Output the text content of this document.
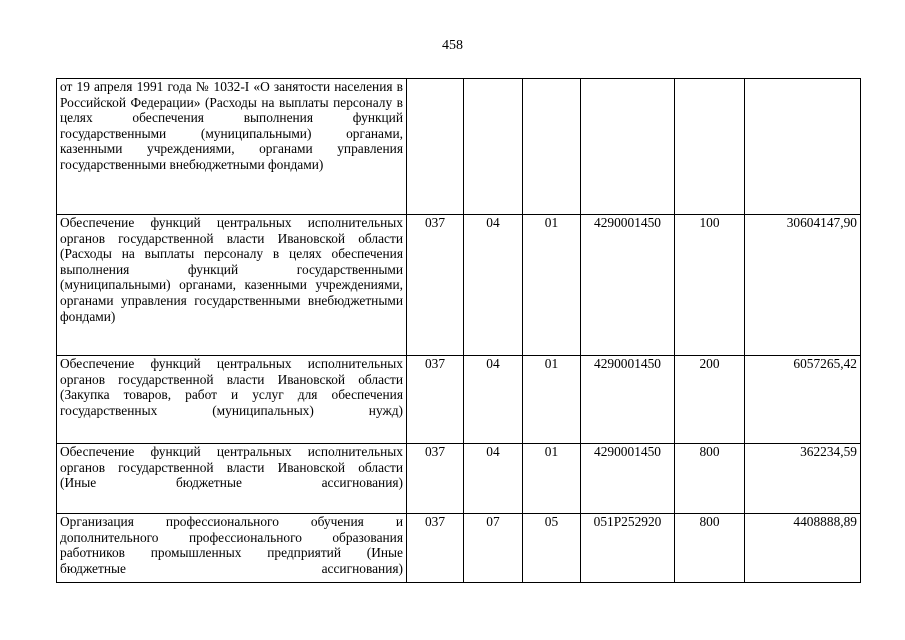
458
от 19 апреля 1991 года № 1032-I «О занятости населения в Российской Федерации» (Расходы на выплаты персоналу в целях обеспечения выполнения функций государственными (муниципальными) органами, казенными учреждениями, органами управления государственными внебюджетными фондами)						
Обеспечение функций центральных исполнительных органов государственной власти Ивановской области (Расходы на выплаты персоналу в целях обеспечения выполнения функций государственными (муниципальными) органами, казенными учреждениями, органами управления государственными внебюджетными фондами)	037	04	01	4290001450	100	30604147,90
Обеспечение функций центральных исполнительных органов государственной власти Ивановской области (Закупка товаров, работ и услуг для обеспечения государственных (муниципальных) нужд)	037	04	01	4290001450	200	6057265,42
Обеспечение функций центральных исполнительных органов государственной власти Ивановской области (Иные бюджетные ассигнования)	037	04	01	4290001450	800	362234,59
Организация профессионального обучения и дополнительного профессионального образования работников промышленных предприятий (Иные бюджетные ассигнования)	037	07	05	051P252920	800	4408888,89
